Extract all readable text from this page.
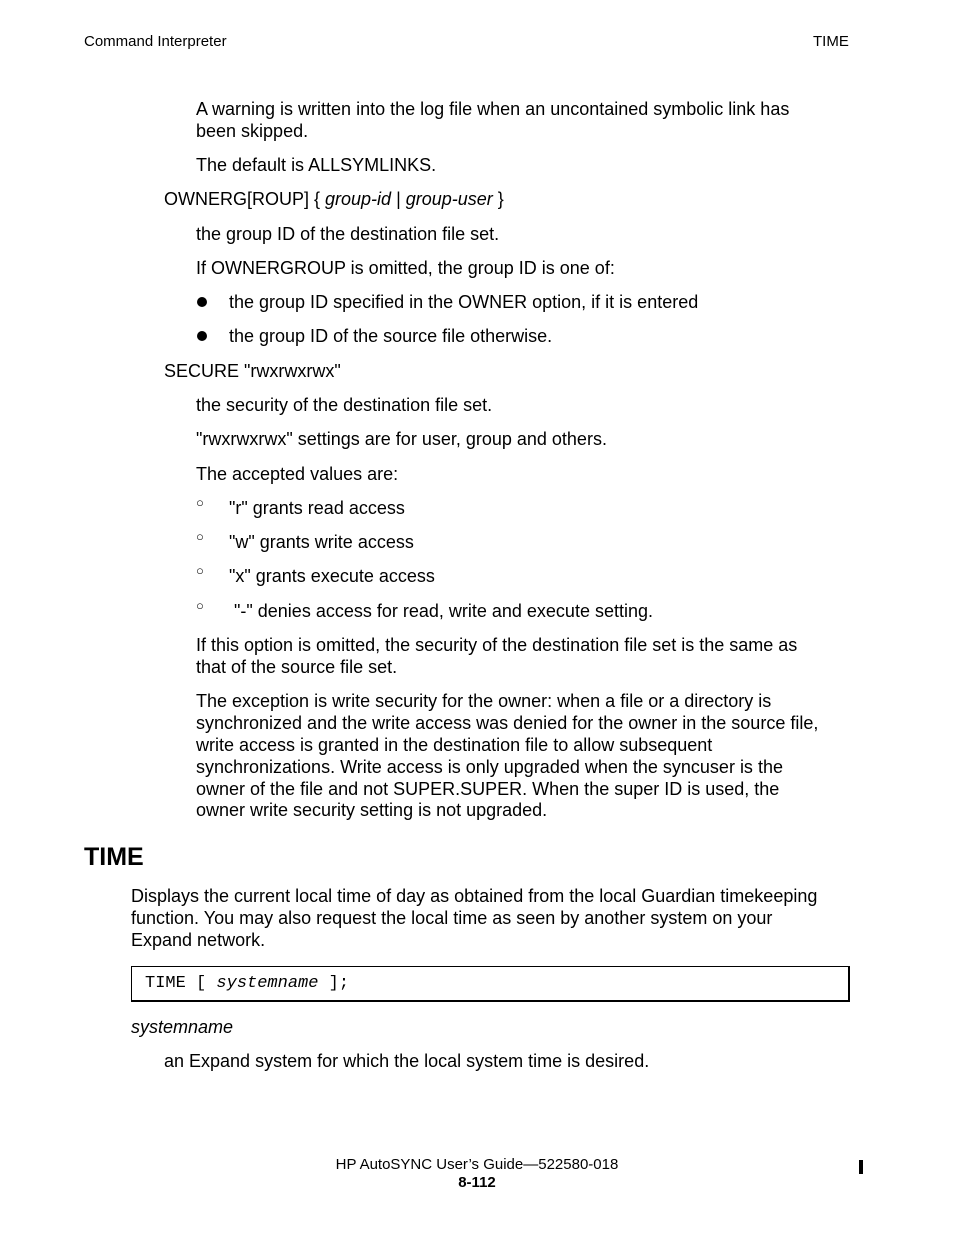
Command Interpreter	TIME
A warning is written into the log file when an uncontained symbolic link has
been skipped.
The default is ALLSYMLINKS.
OWNERG[ROUP] { group-id | group-user }
the group ID of the destination file set.
If OWNERGROUP is omitted, the group ID is one of:
the group ID specified in the OWNER option, if it is entered
the group ID of the source file otherwise.
SECURE "rwxrwxrwx"
the security of the destination file set.
"rwxrwxrwx" settings are for user, group and others.
The accepted values are:
○ "r" grants read access
○ "w" grants write access
○ "x" grants execute access
○ "-" denies access for read, write and execute setting.
If this option is omitted, the security of the destination file set is the same as
that of the source file set.
The exception is write security for the owner: when a file or a directory is
synchronized and the write access was denied for the owner in the source file,
write access is granted in the destination file to allow subsequent
synchronizations. Write access is only upgraded when the syncuser is the
owner of the file and not SUPER.SUPER. When the super ID is used, the
owner write security setting is not upgraded.
TIME
Displays the current local time of day as obtained from the local Guardian timekeeping
function. You may also request the local time as seen by another system on your
Expand network.
TIME [ systemname ];
systemname
an Expand system for which the local system time is desired.
HP AutoSYNC User’s Guide—522580-018
8-112
